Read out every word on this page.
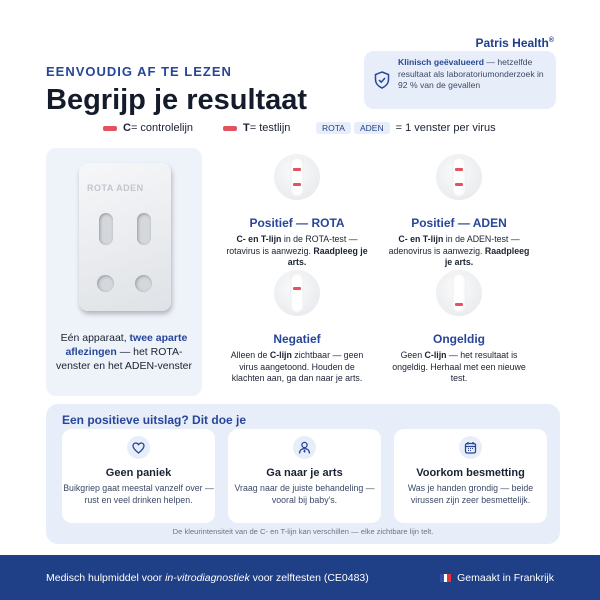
Patris Health®
EENVOUDIG AF TE LEZEN
Begrijp je resultaat
Klinisch geëvalueerd — hetzelfde resultaat als laboratoriumonderzoek in 92 % van de gevallen
C = controlelijn	T = testlijn	ROTA	ADEN	= 1 venster per virus
ROTA ADEN
Eén apparaat, twee aparte aflezingen — het ROTA-venster en het ADEN-venster
Positief — ROTA
C- en T-lijn in de ROTA-test — rotavirus is aanwezig. Raadpleeg je arts.
Positief — ADEN
C- en T-lijn in de ADEN-test — adenovirus is aanwezig. Raadpleeg je arts.
Negatief
Alleen de C-lijn zichtbaar — geen virus aangetoond. Houden de klachten aan, ga dan naar je arts.
Ongeldig
Geen C-lijn — het resultaat is ongeldig. Herhaal met een nieuwe test.
Een positieve uitslag? Dit doe je
Geen paniek
Buikgriep gaat meestal vanzelf over — rust en veel drinken helpen.
Ga naar je arts
Vraag naar de juiste behandeling — vooral bij baby's.
Voorkom besmetting
Was je handen grondig — beide virussen zijn zeer besmettelijk.
De kleurintensiteit van de C- en T-lijn kan verschillen — elke zichtbare lijn telt.
Medisch hulpmiddel voor in-vitrodiagnostiek voor zelftesten (CE0483)	Gemaakt in Frankrijk
